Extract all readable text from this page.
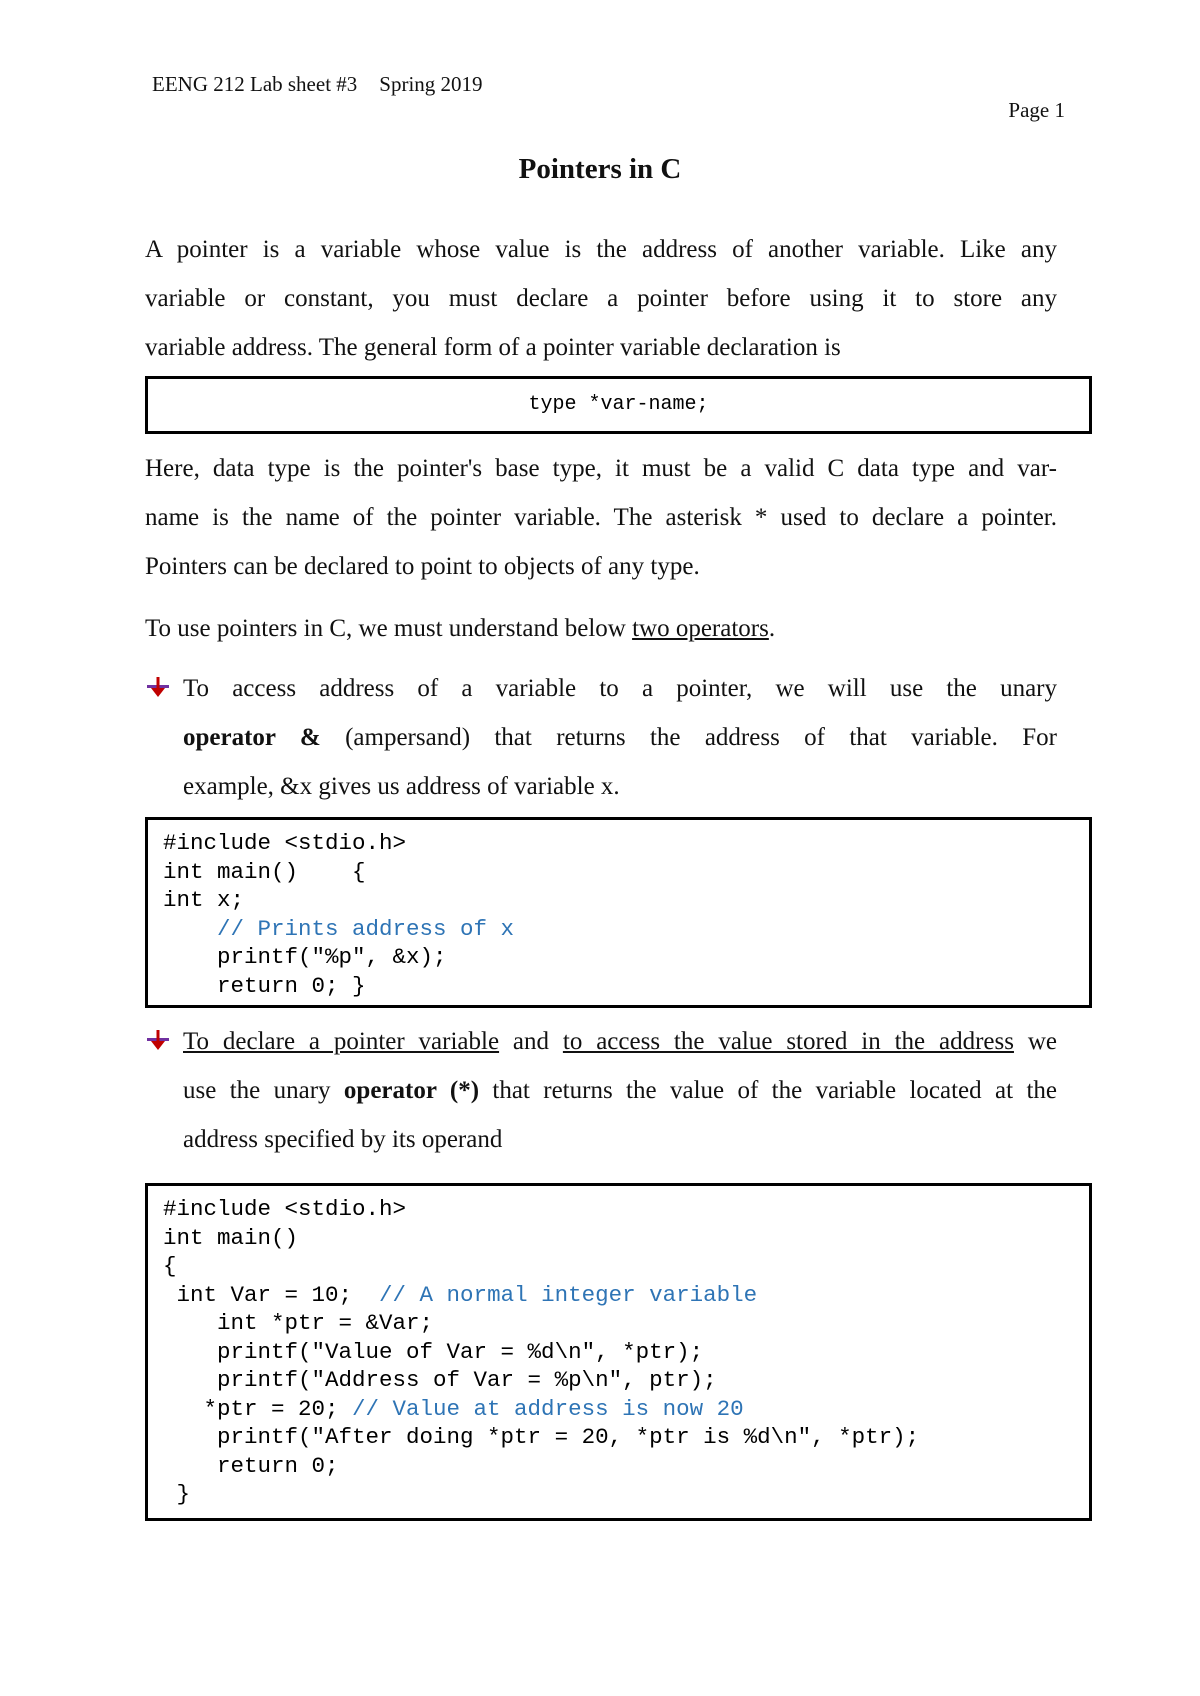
EENG 212 Lab sheet #3 Spring 2019
Page 1
Pointers in C
A pointer is a variable whose value is the address of another variable. Like any
variable or constant, you must declare a pointer before using it to store any
variable address. The general form of a pointer variable declaration is
type *var-name;
Here, data type is the pointer's base type, it must be a valid C data type and var-
name is the name of the pointer variable. The asterisk * used to declare a pointer.
Pointers can be declared to point to objects of any type.
To use pointers in C, we must understand below two operators.
To access address of a variable to a pointer, we will use the unary
operator & (ampersand) that returns the address of that variable. For
example, &x gives us address of variable x.
#include <stdio.h>
int main()    {
int x;
// Prints address of x
printf("%p", &x);
return 0; }
To declare a pointer variable and to access the value stored in the address we
use the unary operator (*) that returns the value of the variable located at the
address specified by its operand
#include <stdio.h>
int main()
{
int Var = 10;  // A normal integer variable
int *ptr = &Var;
printf("Value of Var = %d\n", *ptr);
printf("Address of Var = %p\n", ptr);
*ptr = 20; // Value at address is now 20
printf("After doing *ptr = 20, *ptr is %d\n", *ptr);
return 0;
}
